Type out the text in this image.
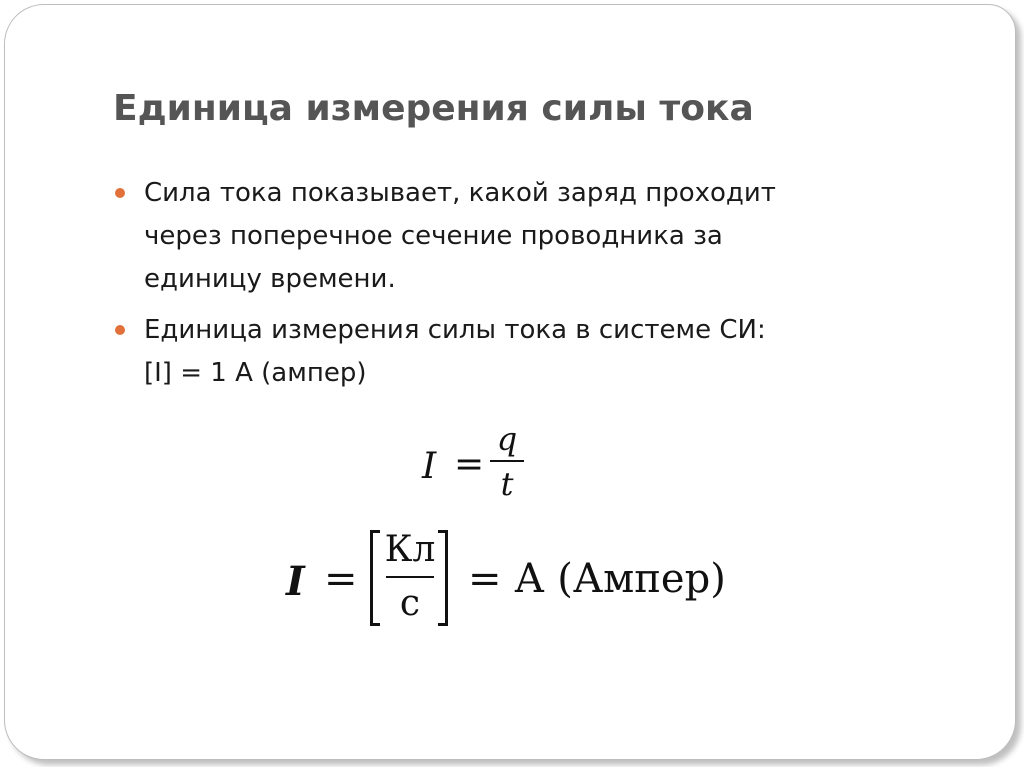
Единица измерения силы тока
Сила тока показывает, какой заряд проходит
через поперечное сечение проводника за
единицу времени.
Единица измерения силы тока в системе СИ:
[I] = 1 А (ампер)
I =
q
t
I =
Кл
с
= А (Ампер)
